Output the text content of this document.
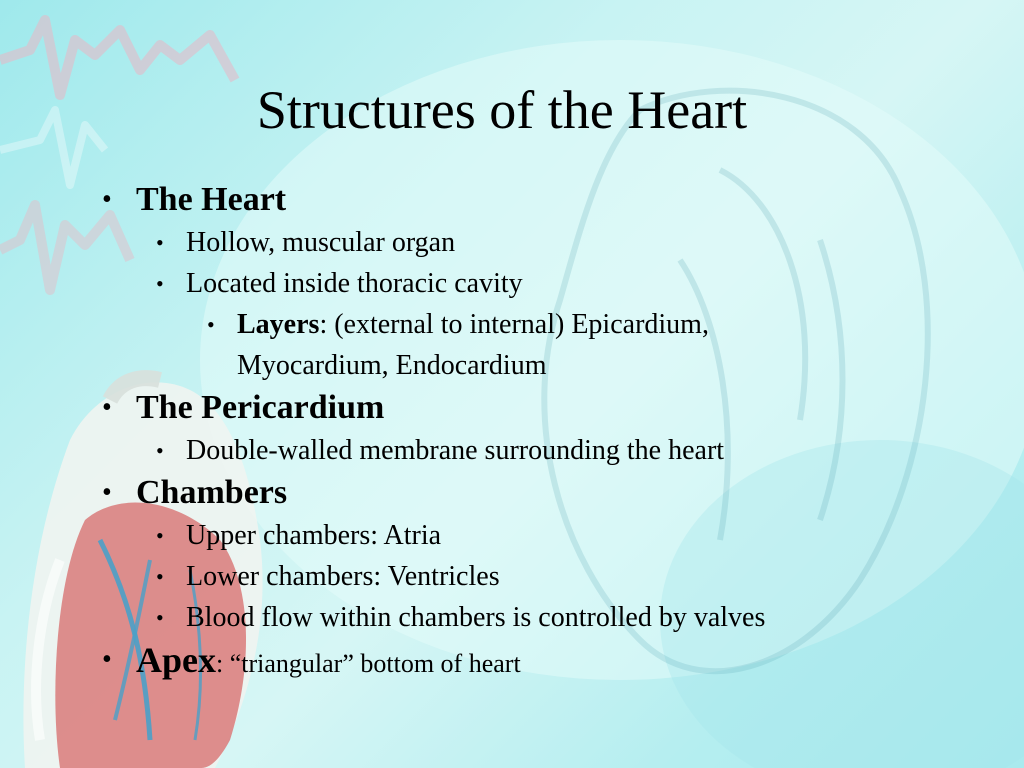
Structures of the Heart
• The Heart
• Hollow, muscular organ
• Located inside thoracic cavity
• Layers: (external to internal) Epicardium,
Myocardium, Endocardium
• The Pericardium
• Double-walled membrane surrounding the heart
• Chambers
• Upper chambers: Atria
• Lower chambers: Ventricles
• Blood flow within chambers is controlled by valves
• Apex: “triangular” bottom of heart
